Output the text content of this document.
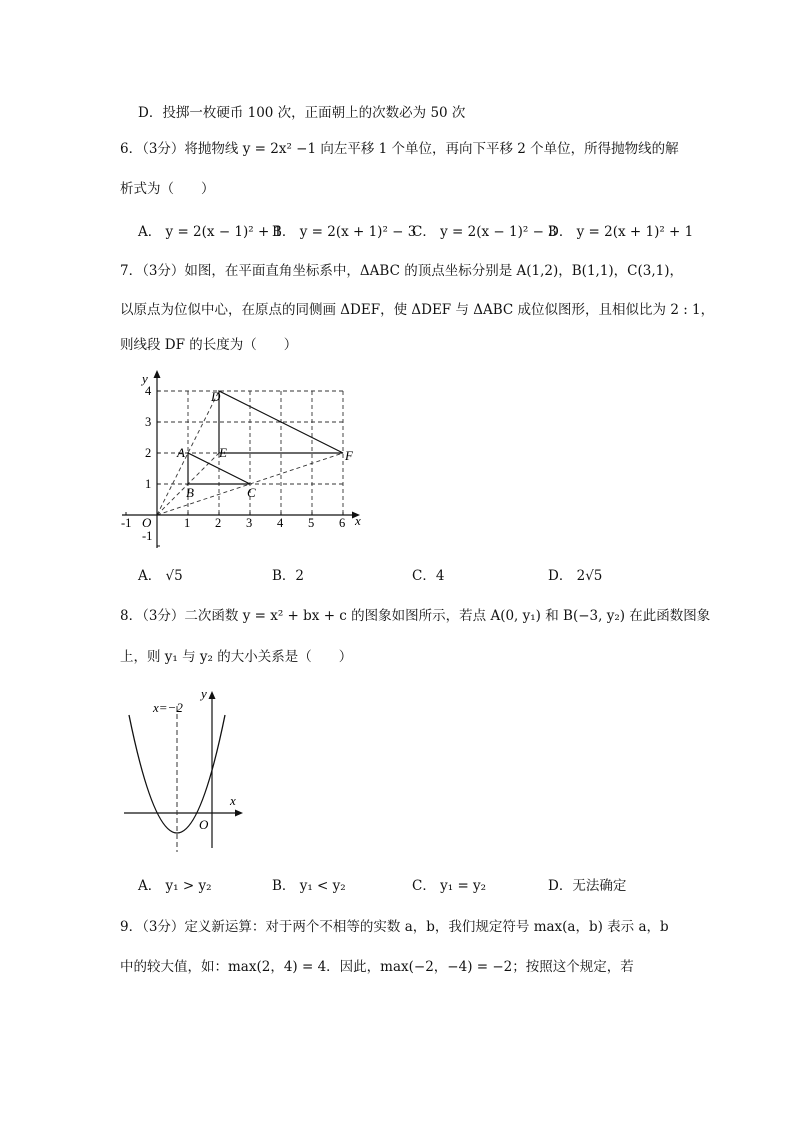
D．投掷一枚硬币 100 次，正面朝上的次数必为 50 次
6．（3分）将抛物线 y = 2x² −1 向左平移 1 个单位，再向下平移 2 个单位，所得抛物线的解
析式为（　　）
A． y = 2(x − 1)² + 1
B． y = 2(x + 1)² − 3
C． y = 2(x − 1)² − 3
D． y = 2(x + 1)² + 1
7．（3分）如图，在平面直角坐标系中，ΔABC 的顶点坐标分别是 A(1,2)，B(1,1)，C(3,1)，
以原点为位似中心，在原点的同侧画 ΔDEF，使 ΔDEF 与 ΔABC 成位似图形，且相似比为 2 : 1，
则线段 DF 的长度为（　　）
x
y
O
-1	1 2 3 4 5 6
4
3
2
1
-1
A
B	C
D
E	F
A． √5	B．2	C．4	D． 2√5
8．（3分）二次函数 y = x² + bx + c 的图象如图所示，若点 A(0, y₁) 和 B(−3, y₂) 在此函数图象
上，则 y₁ 与 y₂ 的大小关系是（　　）
x
y
O
x=−2
A． y₁ > y₂	B． y₁ < y₂	C． y₁ = y₂	D．无法确定
9．（3分）定义新运算：对于两个不相等的实数 a，b，我们规定符号 max(a，b) 表示 a，b
中的较大值，如：max(2，4) = 4．因此，max(−2，−4) = −2；按照这个规定，若
